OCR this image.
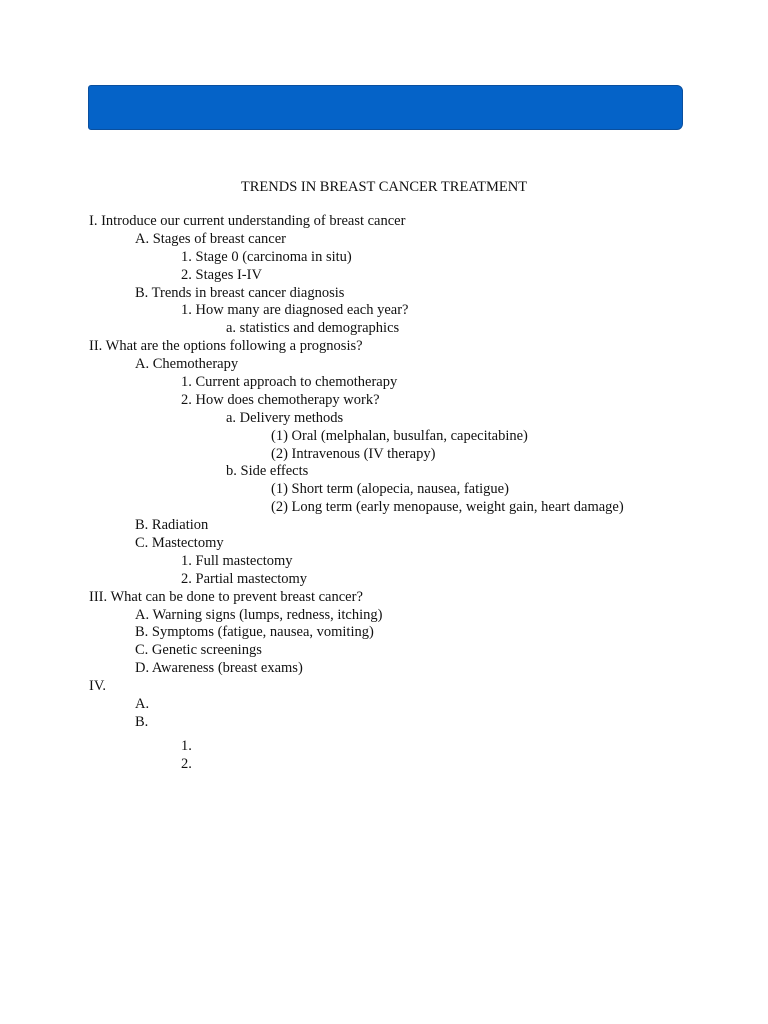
TRENDS IN BREAST CANCER TREATMENT
I. Introduce our current understanding of breast cancer
A. Stages of breast cancer
1. Stage 0 (carcinoma in situ)
2. Stages I-IV
B. Trends in breast cancer diagnosis
1. How many are diagnosed each year?
a. statistics and demographics
II. What are the options following a prognosis?
A. Chemotherapy
1. Current approach to chemotherapy
2. How does chemotherapy work?
a. Delivery methods
(1) Oral (melphalan, busulfan, capecitabine)
(2) Intravenous (IV therapy)
b. Side effects
(1) Short term (alopecia, nausea, fatigue)
(2) Long term (early menopause, weight gain, heart damage)
B. Radiation
C. Mastectomy
1. Full mastectomy
2. Partial mastectomy
III. What can be done to prevent breast cancer?
A. Warning signs (lumps, redness, itching)
B. Symptoms (fatigue, nausea, vomiting)
C. Genetic screenings
D. Awareness (breast exams)
IV.
A.
B.
1.
2.
